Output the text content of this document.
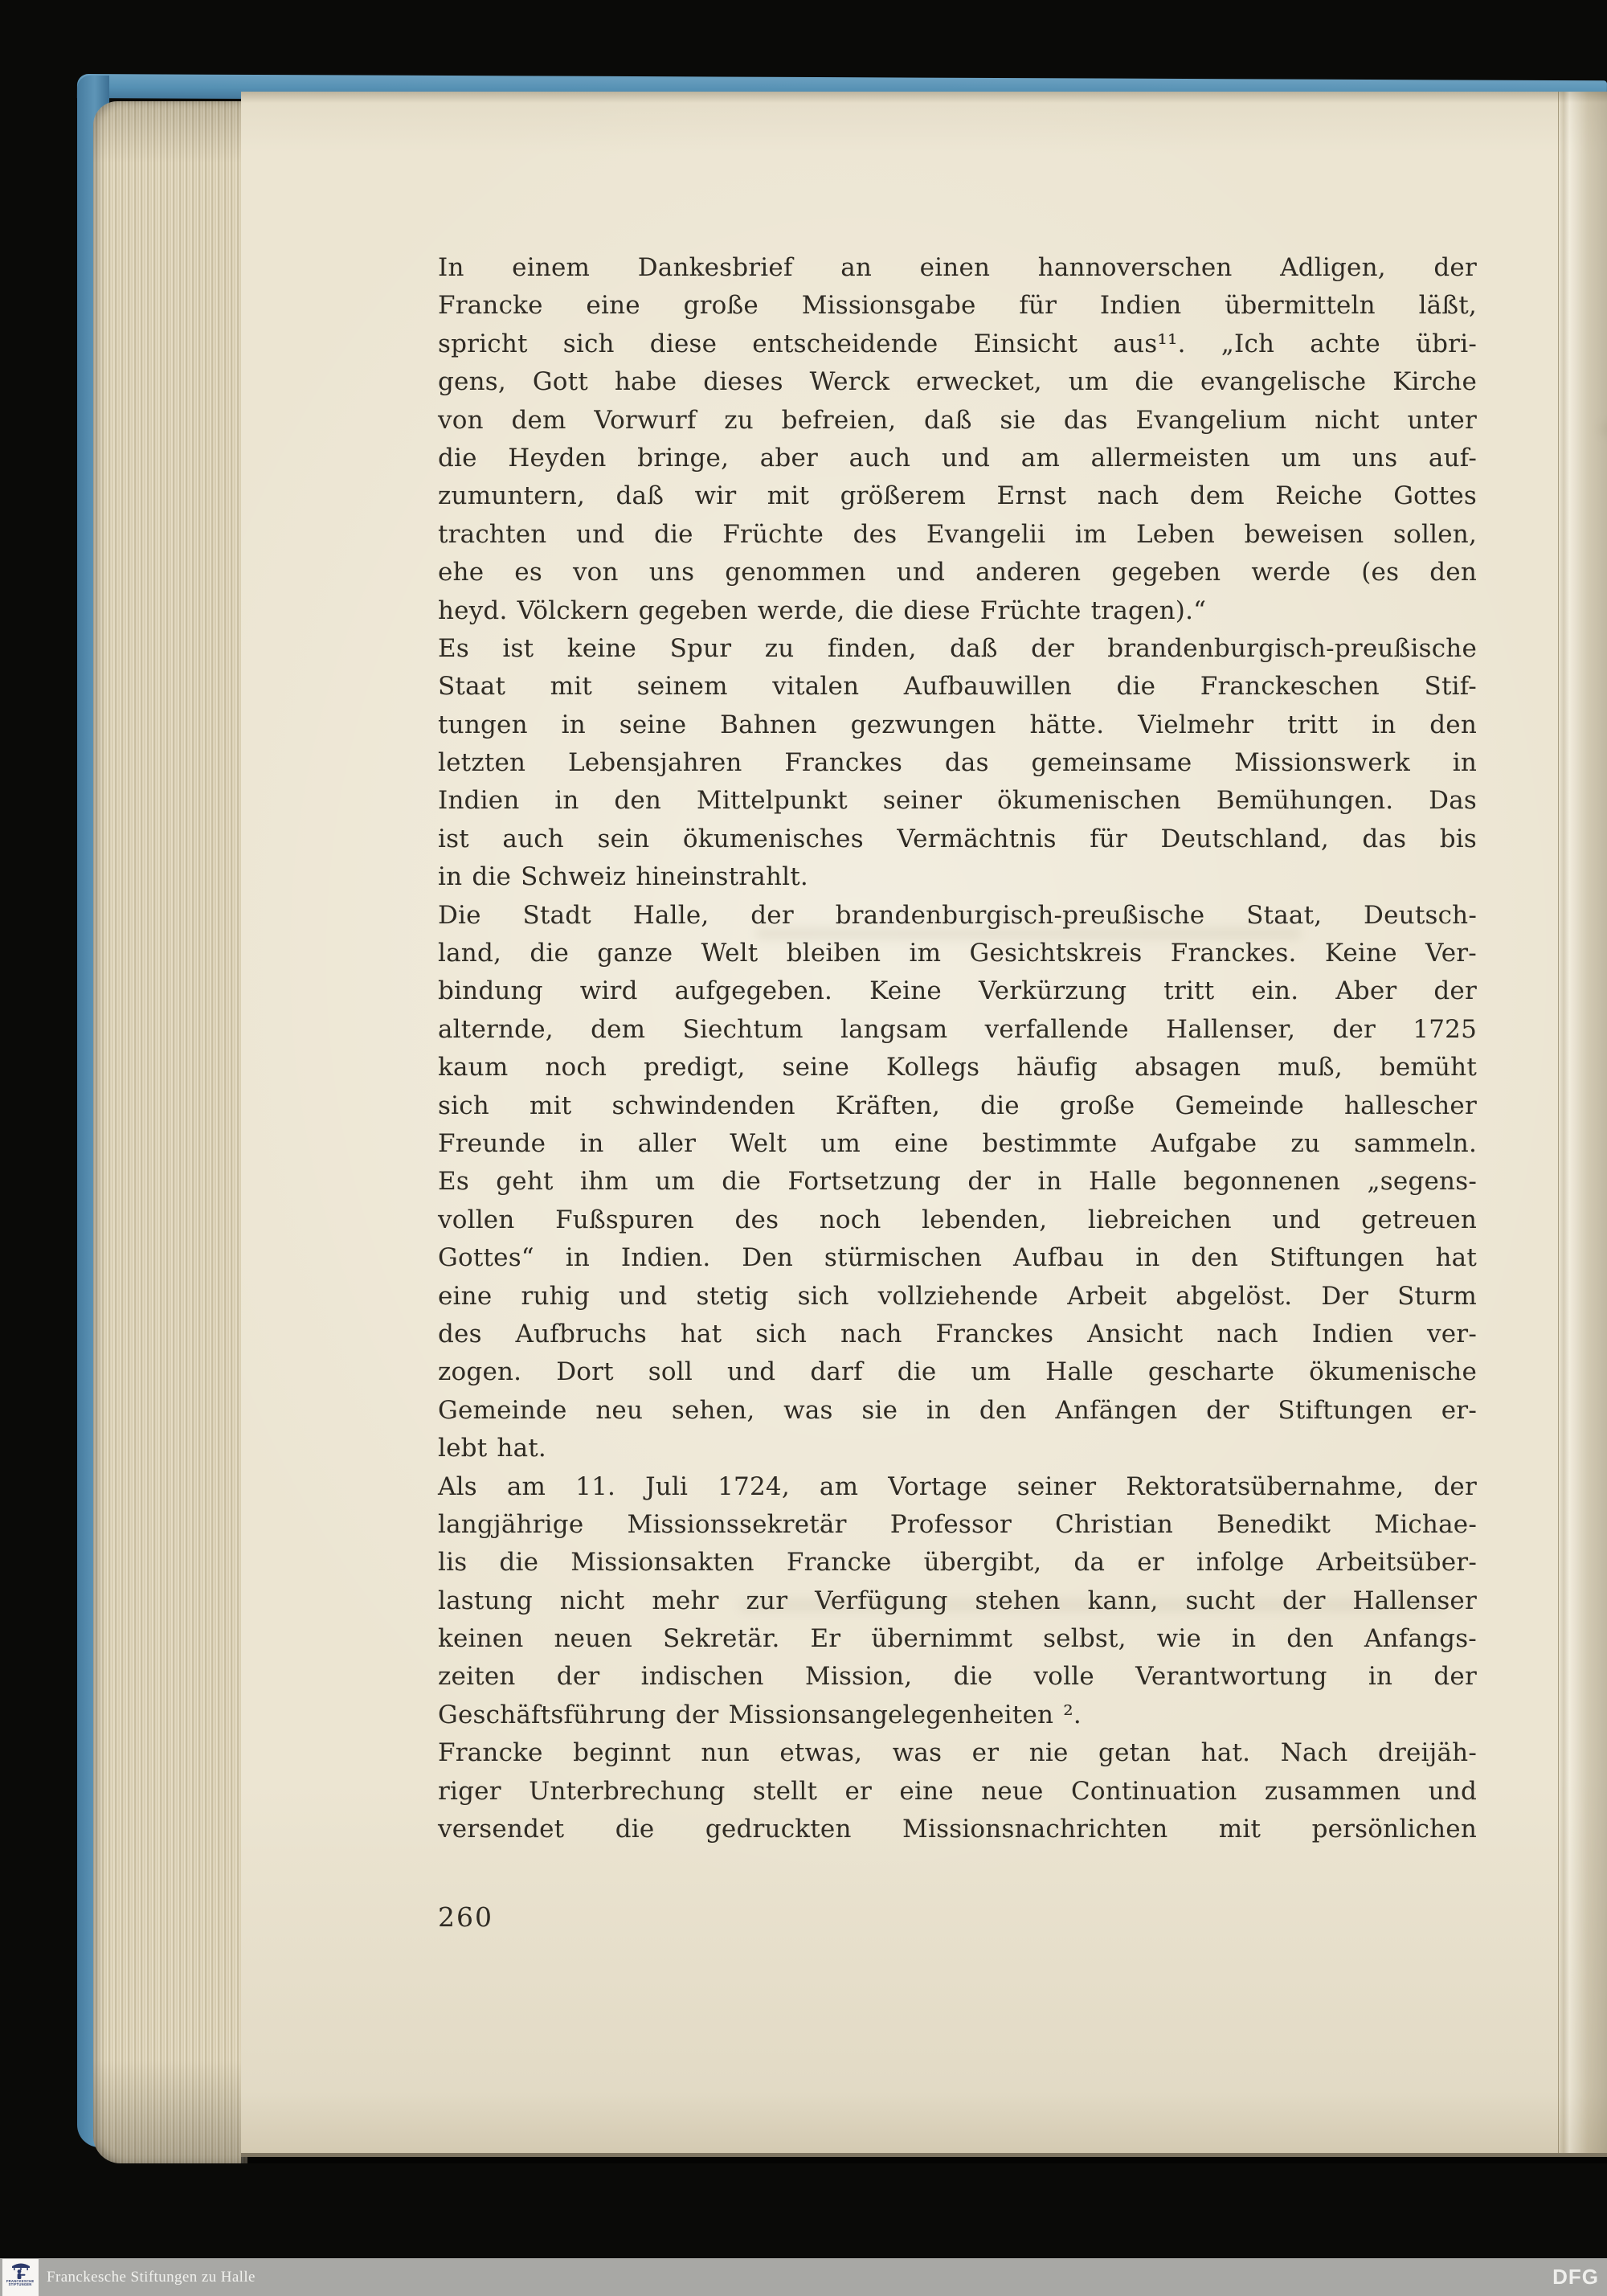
In einem Dankesbrief an einen hannoverschen Adligen, der
Francke eine große Missionsgabe für Indien übermitteln läßt,
spricht sich diese entscheidende Einsicht aus¹¹. „Ich achte übri-
gens, Gott habe dieses Werck erwecket, um die evangelische Kirche
von dem Vorwurf zu befreien, daß sie das Evangelium nicht unter
die Heyden bringe, aber auch und am allermeisten um uns auf-
zumuntern, daß wir mit größerem Ernst nach dem Reiche Gottes
trachten und die Früchte des Evangelii im Leben beweisen sollen,
ehe es von uns genommen und anderen gegeben werde (es den
heyd. Völckern gegeben werde, die diese Früchte tragen).“
Es ist keine Spur zu finden, daß der brandenburgisch-preußische
Staat mit seinem vitalen Aufbauwillen die Franckeschen Stif-
tungen in seine Bahnen gezwungen hätte. Vielmehr tritt in den
letzten Lebensjahren Franckes das gemeinsame Missionswerk in
Indien in den Mittelpunkt seiner ökumenischen Bemühungen. Das
ist auch sein ökumenisches Vermächtnis für Deutschland, das bis
in die Schweiz hineinstrahlt.
Die Stadt Halle, der brandenburgisch-preußische Staat, Deutsch-
land, die ganze Welt bleiben im Gesichtskreis Franckes. Keine Ver-
bindung wird aufgegeben. Keine Verkürzung tritt ein. Aber der
alternde, dem Siechtum langsam verfallende Hallenser, der 1725
kaum noch predigt, seine Kollegs häufig absagen muß, bemüht
sich mit schwindenden Kräften, die große Gemeinde hallescher
Freunde in aller Welt um eine bestimmte Aufgabe zu sammeln.
Es geht ihm um die Fortsetzung der in Halle begonnenen „segens-
vollen Fußspuren des noch lebenden, liebreichen und getreuen
Gottes“ in Indien. Den stürmischen Aufbau in den Stiftungen hat
eine ruhig und stetig sich vollziehende Arbeit abgelöst. Der Sturm
des Aufbruchs hat sich nach Franckes Ansicht nach Indien ver-
zogen. Dort soll und darf die um Halle gescharte ökumenische
Gemeinde neu sehen, was sie in den Anfängen der Stiftungen er-
lebt hat.
Als am 11. Juli 1724, am Vortage seiner Rektoratsübernahme, der
langjährige Missionssekretär Professor Christian Benedikt Michae-
lis die Missionsakten Francke übergibt, da er infolge Arbeitsüber-
lastung nicht mehr zur Verfügung stehen kann, sucht der Hallenser
keinen neuen Sekretär. Er übernimmt selbst, wie in den Anfangs-
zeiten der indischen Mission, die volle Verantwortung in der
Geschäftsführung der Missionsangelegenheiten ².
Francke beginnt nun etwas, was er nie getan hat. Nach dreijäh-
riger Unterbrechung stellt er eine neue Continuation zusammen und
versendet die gedruckten Missionsnachrichten mit persönlichen
260
FRANCKESCHE
STIFTUNGEN Franckesche Stiftungen zu Halle	DFG
